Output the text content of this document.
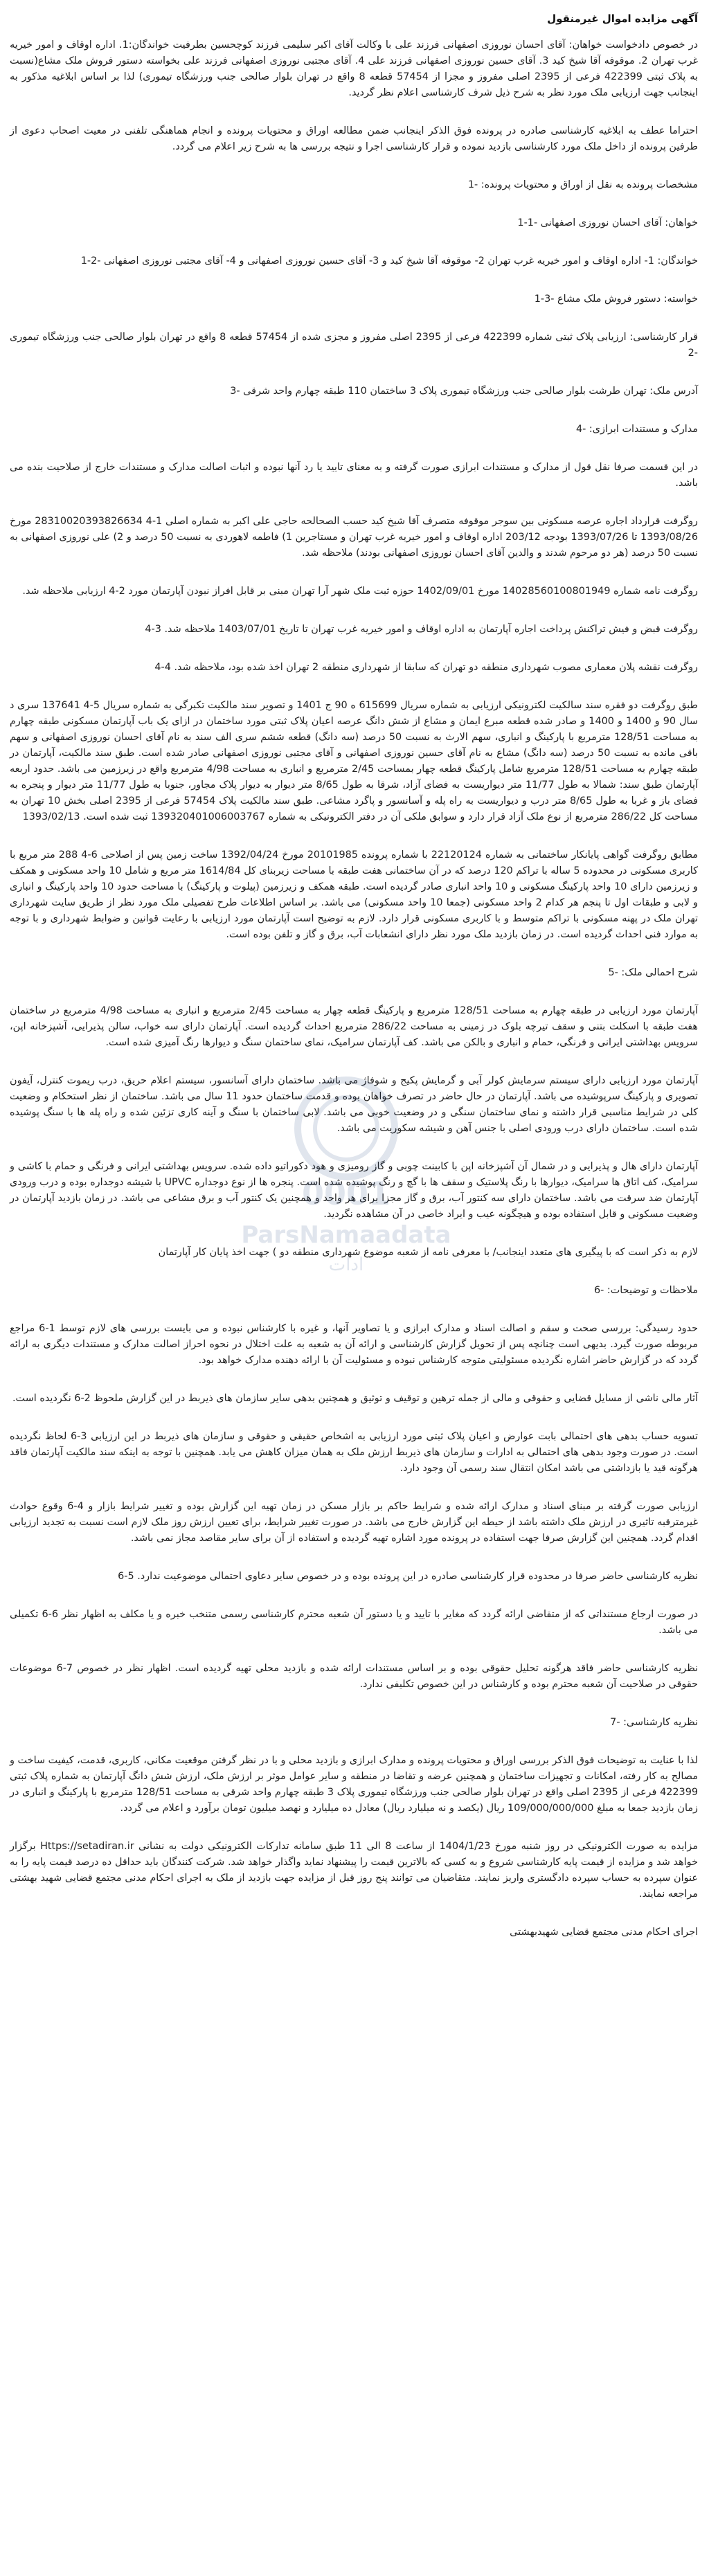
آگهی مزایده اموال غیرمنقول

در خصوص دادخواست خواهان: آقای احسان نوروزی اصفهانی فرزند علی با وکالت آقای اکبر سلیمی فرزند کوچحسین بطرفیت خواندگان:1. اداره اوقاف و امور خیریه غرب تهران 2. موقوفه آقا شیخ کید 3. آقای حسین نوروزی اصفهانی فرزند علی 4. آقای مجتبی نوروزی اصفهانی فرزند علی بخواسته دستور فروش ملک مشاع(نسبت به پلاک ثبتی 422399 فرعی از 2395 اصلی مفروز و مجزا از 57454 قطعه 8 واقع در تهران بلوار صالحی جنب ورزشگاه تیموری) لذا بر اساس ابلاغیه مذکور به اینجانب جهت ارزیابی ملک مورد نظر به شرح ذیل شرف کارشناسی اعلام نظر گردید.

احتراما عطف به ابلاغیه کارشناسی صادره در پرونده فوق الذکر اینجانب ضمن مطالعه اوراق و محتویات پرونده و انجام هماهنگی تلفنی در معیت اصحاب دعوی از طرفین پرونده از داخل ملک مورد کارشناسی بازدید نموده و قرار کارشناسی اجرا و نتیجه بررسی ها به شرح زیر اعلام می گردد.

مشخصات پرونده به نقل از اوراق و محتویات پرونده: -1

خواهان: آقای احسان نوروزی اصفهانی -1-1

خواندگان: 1- اداره اوقاف و امور خیریه غرب تهران 2- موقوفه آقا شیخ کید و 3- آقای حسین نوروزی اصفهانی و 4- آقای مجتبی نوروزی اصفهانی -2-1

خواسته: دستور فروش ملک مشاع -3-1

قرار کارشناسی: ارزیابی پلاک ثبتی شماره 422399 فرعی از 2395 اصلی مفروز و مجزی شده از 57454 قطعه 8 واقع در تهران بلوار صالحی جنب ورزشگاه تیموری -2

آدرس ملک: تهران طرشت بلوار صالحی جنب ورزشگاه تیموری پلاک 3 ساختمان 110 طبقه چهارم واحد شرقی -3

مدارک و مستندات ابرازی: -4

در این قسمت صرفا نقل قول از مدارک و مستندات ابرازی صورت گرفته و به معنای تایید یا رد آنها نبوده و اثبات اصالت مدارک و مستندات خارج از صلاحیت بنده می باشد.

روگرفت قرارداد اجاره عرصه مسکونی بین سوجر موقوفه متصرف آقا شیخ کید حسب الصحالحه حاجی علی اکبر به شماره اصلی 1-4 28310020393826634 مورخ 1393/08/26 تا 1393/07/26 بودجه 203/12 اداره اوقاف و امور خیریه غرب تهران و مستاجرین 1) فاطمه لاهوردی به نسبت 50 درصد و 2) علی نوروزی اصفهانی به نسبت 50 درصد (هر دو مرحوم شدند و والدین آقای احسان نوروزی اصفهانی بودند) ملاحظه شد.

روگرفت نامه شماره 14028560100801949 مورخ 1402/09/01 حوزه ثبت ملک شهر آرا تهران مبنی بر قابل افراز نبودن آپارتمان مورد 2-4 ارزیابی ملاحظه شد.

روگرفت قبض و فیش تراکنش پرداخت اجاره آپارتمان به اداره اوقاف و امور خیریه غرب تهران تا تاریخ 1403/07/01 ملاحظه شد. 3-4

روگرفت نقشه پلان معماری مصوب شهرداری منطقه دو تهران که سابقا از شهرداری منطقه 2 تهران اخذ شده بود، ملاحظه شد. 4-4

طبق روگرفت دو فقره سند سالکیت لکترونیکی ارزیابی به شماره سریال 615699 ه 90 ج 1401 و تصویر سند مالکیت تکبرگی به شماره سریال 5-4 137641 سری د سال 90 و 1400 و 1400 و صادر شده قطعه مبرع ایمان و مشاع از شش دانگ عرصه اعیان پلاک ثبتی مورد ساختمان در ازای یک باب آپارتمان مسکونی طبقه چهارم به مساحت 128/51 مترمربع با پارکینگ و انباری، سهم الارث به نسبت 50 درصد (سه دانگ) قطعه ششم سری الف سند به نام آقای احسان نوروزی اصفهانی و سهم باقی مانده به نسبت 50 درصد (سه دانگ) مشاع به نام آقای حسین نوروزی اصفهانی و آقای مجتبی نوروزی اصفهانی صادر شده است. طبق سند مالکیت، آپارتمان در طبقه چهارم به مساحت 128/51 مترمربع شامل پارکینگ قطعه چهار بمساحت 2/45 مترمربع و انباری به مساحت 4/98 مترمربع واقع در زیرزمین می باشد. حدود اربعه آپارتمان طبق سند: شمالا به طول 11/77 متر دیواریست به فضای آزاد، شرقا به طول 8/65 متر دیوار به دیوار پلاک مجاور، جنوبا به طول 11/77 متر دیوار و پنجره به فضای باز و غربا به طول 8/65 متر درب و دیواریست به راه پله و آسانسور و پاگرد مشاعی. طبق سند مالکیت پلاک 57454 فرعی از 2395 اصلی بخش 10 تهران به مساحت کل 286/22 مترمربع از نوع ملک آزاد قرار دارد و سوابق ملکی آن در دفتر الکترونیکی به شماره 139320401006003767 ثبت شده است. 1393/02/13

مطابق روگرفت گواهی پایانکار ساختمانی به شماره 22120124 با شماره پرونده 20101985 مورخ 1392/04/24 ساخت زمین پس از اصلاحی 6-4 288 متر مربع با کاربری مسکونی در محدوده 5 ساله با تراکم 120 درصد که در آن ساختمانی هفت طبقه با مساحت زیربنای کل 1614/84 متر مربع و شامل 10 واحد مسکونی و همکف و زیرزمین دارای 10 واحد پارکینگ مسکونی و 10 واحد انباری صادر گردیده است. طبقه همکف و زیرزمین (پیلوت و پارکینگ) با مساحت حدود 10 واحد پارکینگ و انباری و لابی و طبقات اول تا پنجم هر کدام 2 واحد مسکونی (جمعا 10 واحد مسکونی) می باشد. بر اساس اطلاعات طرح تفصیلی ملک مورد نظر از طریق سایت شهرداری تهران ملک در پهنه مسکونی با تراکم متوسط و با کاربری مسکونی قرار دارد. لازم به توضیح است آپارتمان مورد ارزیابی با رعایت قوانین و ضوابط شهرداری و با توجه به موارد فنی احداث گردیده است. در زمان بازدید ملک مورد نظر دارای انشعابات آب، برق و گاز و تلفن بوده است.

شرح احمالی ملک: -5

آپارتمان مورد ارزیابی در طبقه چهارم به مساحت 128/51 مترمربع و پارکینگ قطعه چهار به مساحت 2/45 مترمربع و انباری به مساحت 4/98 مترمربع در ساختمان هفت طبقه با اسکلت بتنی و سقف تیرچه بلوک در زمینی به مساحت 286/22 مترمربع احداث گردیده است. آپارتمان دارای سه خواب، سالن پذیرایی، آشپزخانه اپن، سرویس بهداشتی ایرانی و فرنگی، حمام و انباری و بالکن می باشد. کف آپارتمان سرامیک، نمای ساختمان سنگ و دیوارها رنگ آمیزی شده است.

آپارتمان مورد ارزیابی دارای سیستم سرمایش کولر آبی و گرمایش پکیج و شوفاژ می باشد. ساختمان دارای آسانسور، سیستم اعلام حریق، درب ریموت کنترل، آیفون تصویری و پارکینگ سرپوشیده می باشد. آپارتمان در حال حاضر در تصرف خواهان بوده و قدمت ساختمان حدود 11 سال می باشد. ساختمان از نظر استحکام و وضعیت کلی در شرایط مناسبی قرار داشته و نمای ساختمان سنگی و در وضعیت خوبی می باشد. لابی ساختمان با سنگ و آینه کاری تزئین شده و راه پله ها با سنگ پوشیده شده است. ساختمان دارای درب ورودی اصلی با جنس آهن و شیشه سکوریت می باشد.

آپارتمان دارای هال و پذیرایی و در شمال آن آشپزخانه اپن با کابینت چوبی و گاز رومیزی و هود دکوراتیو داده شده. سرویس بهداشتی ایرانی و فرنگی و حمام با کاشی و سرامیک، کف اتاق ها سرامیک، دیوارها با رنگ پلاستیک و سقف ها با گچ و رنگ پوشیده شده است. پنجره ها از نوع دوجداره UPVC با شیشه دوجداره بوده و درب ورودی آپارتمان ضد سرقت می باشد. ساختمان دارای سه کنتور آب، برق و گاز مجزا برای هر واحد و همچنین یک کنتور آب و برق مشاعی می باشد. در زمان بازدید آپارتمان در وضعیت مسکونی و قابل استفاده بوده و هیچگونه عیب و ایراد خاصی در آن مشاهده نگردید.

لازم به ذکر است که با پیگیری های متعدد اینجانب/ با معرفی نامه از شعبه موضوع شهرداری منطقه دو ) جهت اخذ پایان کار آپارتمان

ملاحظات و توضیحات: -6

حدود رسیدگی: بررسی صحت و سقم و اصالت اسناد و مدارک ابرازی و یا تصاویر آنها، و غیره با کارشناس نبوده و می بایست بررسی های لازم توسط 1-6 مراجع مربوطه صورت گیرد. بدیهی است چنانچه پس از تحویل گزارش کارشناسی و ارائه آن به شعبه به علت اختلال در نحوه احراز اصالت مدارک و مستندات دیگری به ارائه گردد که در گزارش حاضر اشاره نگردیده مسئولیتی متوجه کارشناس نبوده و مسئولیت آن با ارائه دهنده مدارک خواهد بود.

آثار مالی ناشی از مسایل قضایی و حقوقی و مالی از جمله ترهین و توقیف و توثیق و همچنین بدهی سایر سازمان های ذیربط در این گزارش ملحوظ 2-6 نگردیده است.

تسویه حساب بدهی های احتمالی بابت عوارض و اعیان پلاک ثبتی مورد ارزیابی به اشخاص حقیقی و حقوقی و سازمان های ذیربط در این ارزیابی 3-6 لحاظ نگردیده است. در صورت وجود بدهی های احتمالی به ادارات و سازمان های ذیربط ارزش ملک به همان میزان کاهش می یابد. همچنین با توجه به اینکه سند مالکیت آپارتمان فاقد هرگونه قید یا بازداشتی می باشد امکان انتقال سند رسمی آن وجود دارد.

ارزیابی صورت گرفته بر مبنای اسناد و مدارک ارائه شده و شرایط حاکم بر بازار مسکن در زمان تهیه این گزارش بوده و تغییر شرایط بازار و 4-6 وقوع حوادث غیرمترقبه تاثیری در ارزش ملک داشته باشد از حیطه این گزارش خارج می باشد. در صورت تغییر شرایط، برای تعیین ارزش روز ملک لازم است نسبت به تجدید ارزیابی اقدام گردد. همچنین این گزارش صرفا جهت استفاده در پرونده مورد اشاره تهیه گردیده و استفاده از آن برای سایر مقاصد مجاز نمی باشد.

نظریه کارشناسی حاضر صرفا در محدوده قرار کارشناسی صادره در این پرونده بوده و در خصوص سایر دعاوی احتمالی موضوعیت ندارد. 5-6

در صورت ارجاع مستنداتی که از متقاضی ارائه گردد که مغایر با تایید و یا دستور آن شعبه محترم کارشناسی رسمی متنخب خبره و یا مکلف به اظهار نظر 6-6 تکمیلی می باشد.

نظریه کارشناسی حاضر فاقد هرگونه تحلیل حقوقی بوده و بر اساس مستندات ارائه شده و بازدید محلی تهیه گردیده است. اظهار نظر در خصوص 7-6 موضوعات حقوقی در صلاحیت آن شعبه محترم بوده و کارشناس در این خصوص تکلیفی ندارد.

نظریه کارشناسی: -7

لذا با عنایت به توضیحات فوق الذکر بررسی اوراق و محتویات پرونده و مدارک ابرازی و بازدید محلی و با در نظر گرفتن موقعیت مکانی، کاربری، قدمت، کیفیت ساخت و مصالح به کار رفته، امکانات و تجهیزات ساختمان و همچنین عرضه و تقاضا در منطقه و سایر عوامل موثر بر ارزش ملک، ارزش شش دانگ آپارتمان به شماره پلاک ثبتی 422399 فرعی از 2395 اصلی واقع در تهران بلوار صالحی جنب ورزشگاه تیموری پلاک 3 طبقه چهارم واحد شرقی به مساحت 128/51 مترمربع با پارکینگ و انباری در زمان بازدید جمعا به مبلغ 109/000/000/000 ریال (یکصد و نه میلیارد ریال) معادل ده میلیارد و نهصد میلیون تومان برآورد و اعلام می گردد.

مزایده به صورت الکترونیکی در روز شنبه مورخ 1404/1/23 از ساعت 8 الی 11 طبق سامانه تدارکات الکترونیکی دولت به نشانی Https://setadiran.ir برگزار خواهد شد و مزایده از قیمت پایه کارشناسی شروع و به کسی که بالاترین قیمت را پیشنهاد نماید واگذار خواهد شد. شرکت کنندگان باید حداقل ده درصد قیمت پایه را به عنوان سپرده به حساب سپرده دادگستری واریز نمایند. متقاضیان می توانند پنج روز قبل از مزایده جهت بازدید از ملک به اجرای احکام مدنی مجتمع قضایی شهید بهشتی مراجعه نمایند.

اجرای احکام مدنی مجتمع قضایی شهیدبهشتی
0001
ParsNamaadata
ادات
